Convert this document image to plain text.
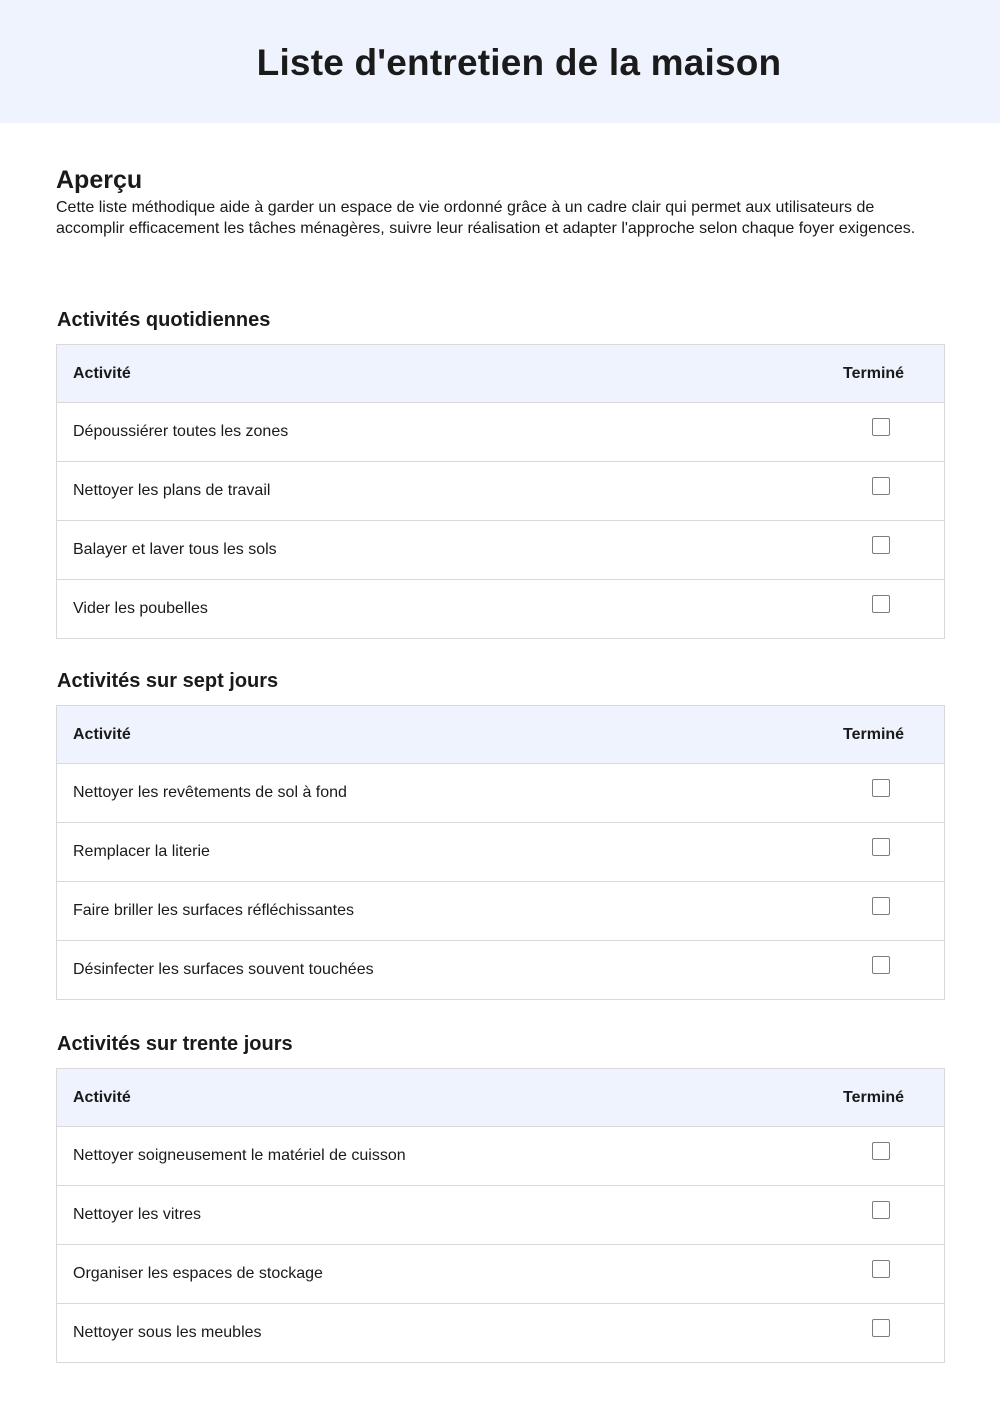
Liste d'entretien de la maison
Aperçu

Cette liste méthodique aide à garder un espace de vie ordonné grâce à un cadre clair qui permet aux utilisateurs de accomplir efficacement les tâches ménagères, suivre leur réalisation et adapter l'approche selon chaque foyer exigences.

Activités quotidiennes
Activité	Terminé
Dépoussiérer toutes les zones
Nettoyer les plans de travail
Balayer et laver tous les sols
Vider les poubelles
Activités sur sept jours
Activité	Terminé
Nettoyer les revêtements de sol à fond
Remplacer la literie
Faire briller les surfaces réfléchissantes
Désinfecter les surfaces souvent touchées
Activités sur trente jours
Activité	Terminé
Nettoyer soigneusement le matériel de cuisson
Nettoyer les vitres
Organiser les espaces de stockage
Nettoyer sous les meubles
